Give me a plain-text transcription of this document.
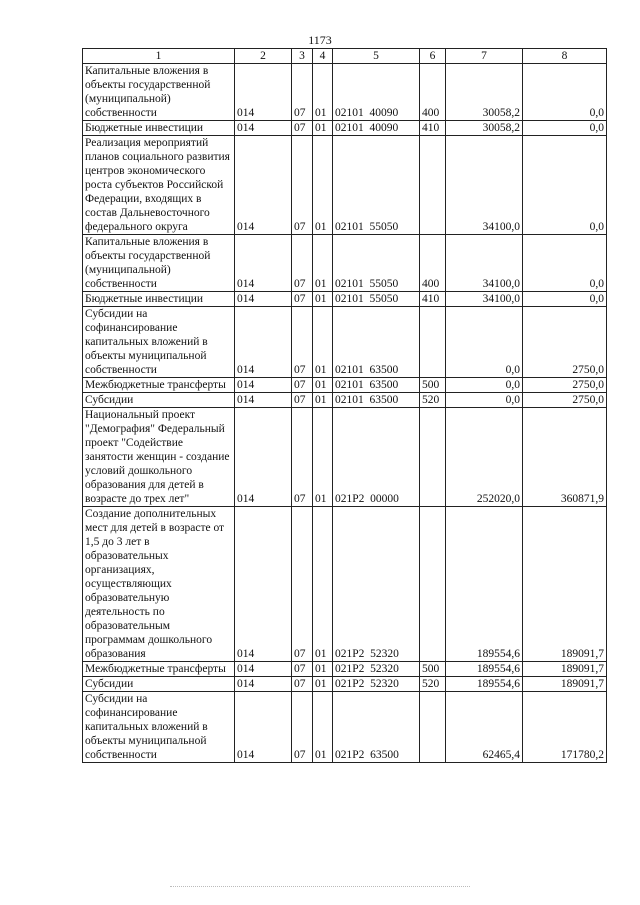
1173
1	2	3	4	5	6	7	8
Капитальные вложения в объекты государственной (муниципальной) собственности	014	07	01	02101  40090	400	30058,2	0,0
Бюджетные инвестиции	014	07	01	02101  40090	410	30058,2	0,0
Реализация мероприятий планов социального развития центров экономического роста субъектов Российской Федерации, входящих в состав Дальневосточного федерального округа	014	07	01	02101  55050		34100,0	0,0
Капитальные вложения в объекты государственной (муниципальной) собственности	014	07	01	02101  55050	400	34100,0	0,0
Бюджетные инвестиции	014	07	01	02101  55050	410	34100,0	0,0
Субсидии на софинансирование капитальных вложений в объекты муниципальной собственности	014	07	01	02101  63500		0,0	2750,0
Межбюджетные трансферты	014	07	01	02101  63500	500	0,0	2750,0
Субсидии	014	07	01	02101  63500	520	0,0	2750,0
Национальный проект "Демография" Федеральный проект "Содействие занятости женщин - создание условий дошкольного образования для детей в возрасте до трех лет"	014	07	01	021P2  00000		252020,0	360871,9
Создание дополнительных мест для детей в возрасте от 1,5 до 3 лет в образовательных организациях, осуществляющих образовательную деятельность по образовательным программам дошкольного образования	014	07	01	021P2  52320		189554,6	189091,7
Межбюджетные трансферты	014	07	01	021P2  52320	500	189554,6	189091,7
Субсидии	014	07	01	021P2  52320	520	189554,6	189091,7
Субсидии на софинансирование капитальных вложений в объекты муниципальной собственности	014	07	01	021P2  63500		62465,4	171780,2
